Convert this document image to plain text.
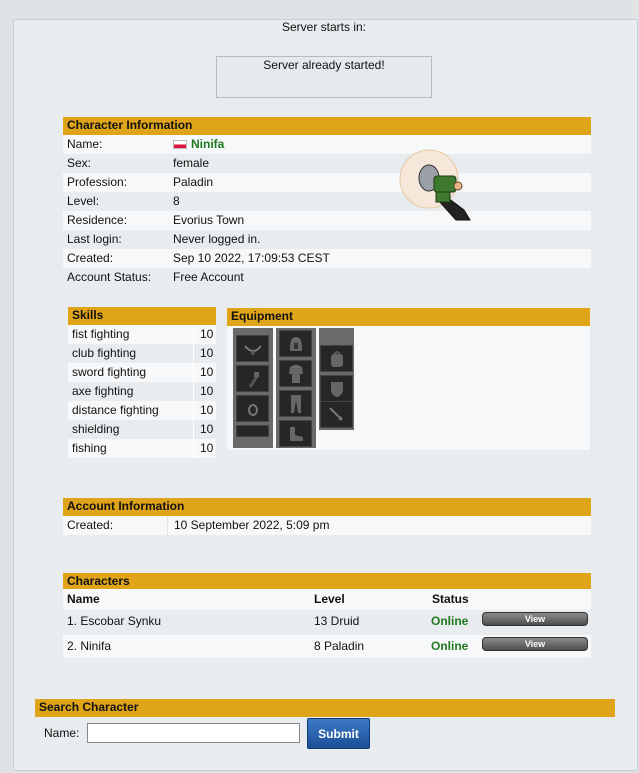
Server starts in:
Server already started!
Character Information
Name:	Ninifa
Sex:	female
Profession:	Paladin
Level:	8
Residence:	Evorius Town
Last login:	Never logged in.
Created:	Sep 10 2022, 17:09:53 CEST
Account Status: Free Account
Skills
fist fighting	10
club fighting	10
sword fighting	10
axe fighting	10
distance fighting	10
shielding	10
fishing	10
Equipment
Account Information
Created:	10 September 2022, 5:09 pm
Characters
Name	Level	Status
1. Escobar Synku	13 Druid	Online	View
2. Ninifa	8 Paladin	Online	View
Search Character
Name:	Submit
